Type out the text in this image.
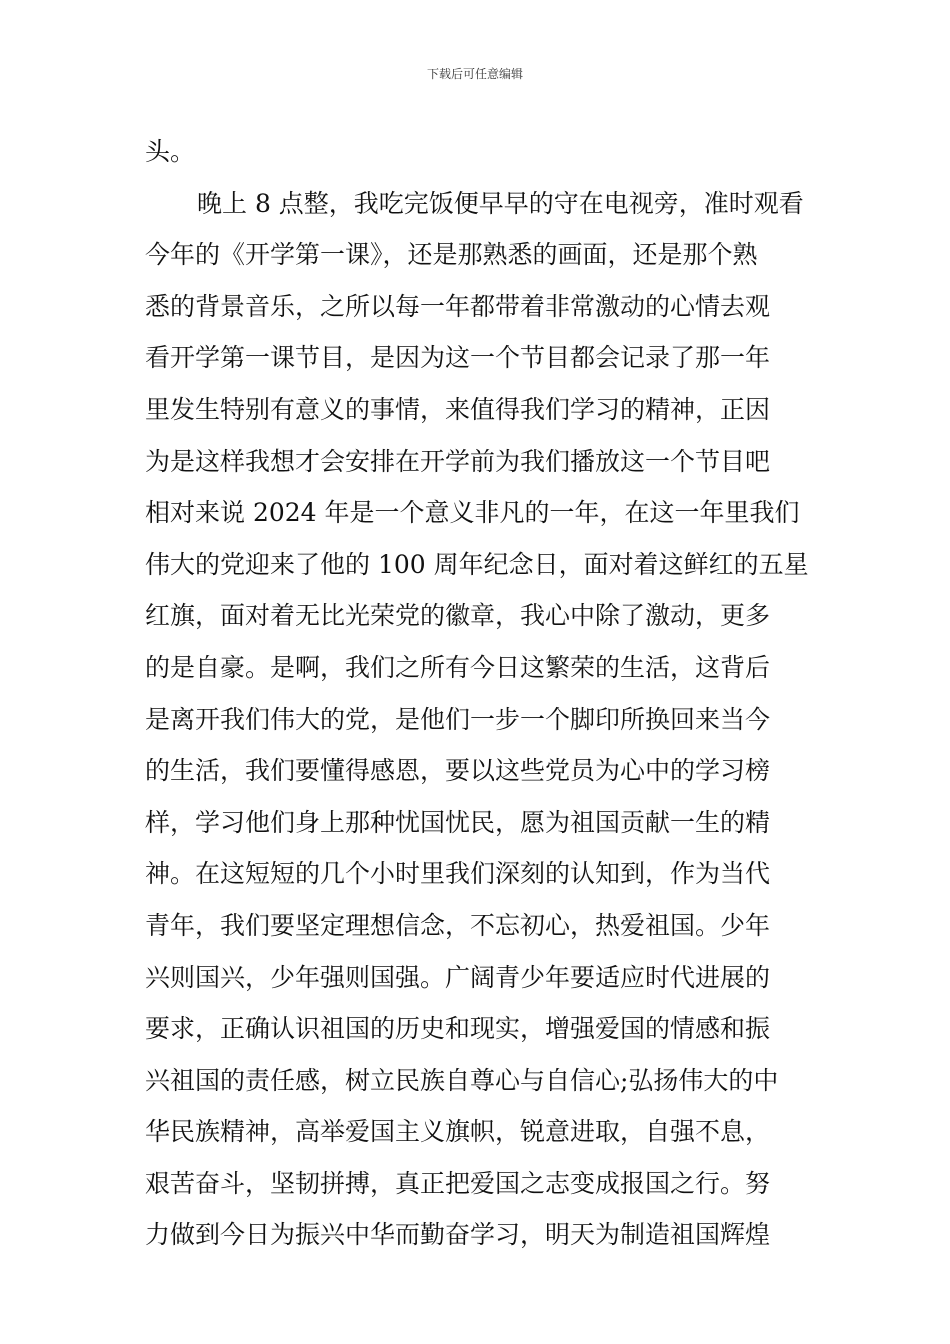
下载后可任意编辑
头。
晚上 8 点整，我吃完饭便早早的守在电视旁，准时观看
今年的《开学第一课》，还是那熟悉的画面，还是那个熟
悉的背景音乐，之所以每一年都带着非常激动的心情去观
看开学第一课节目，是因为这一个节目都会记录了那一年
里发生特别有意义的事情，来值得我们学习的精神，正因
为是这样我想才会安排在开学前为我们播放这一个节目吧
相对来说 2024 年是一个意义非凡的一年，在这一年里我们
伟大的党迎来了他的 100 周年纪念日，面对着这鲜红的五星
红旗，面对着无比光荣党的徽章，我心中除了激动，更多
的是自豪。是啊，我们之所有今日这繁荣的生活，这背后
是离开我们伟大的党，是他们一步一个脚印所换回来当今
的生活，我们要懂得感恩，要以这些党员为心中的学习榜
样，学习他们身上那种忧国忧民，愿为祖国贡献一生的精
神。在这短短的几个小时里我们深刻的认知到，作为当代
青年，我们要坚定理想信念，不忘初心，热爱祖国。少年
兴则国兴，少年强则国强。广阔青少年要适应时代进展的
要求，正确认识祖国的历史和现实，增强爱国的情感和振
兴祖国的责任感，树立民族自尊心与自信心;弘扬伟大的中
华民族精神，高举爱国主义旗帜，锐意进取，自强不息，
艰苦奋斗，坚韧拼搏，真正把爱国之志变成报国之行。努
力做到今日为振兴中华而勤奋学习，明天为制造祖国辉煌
